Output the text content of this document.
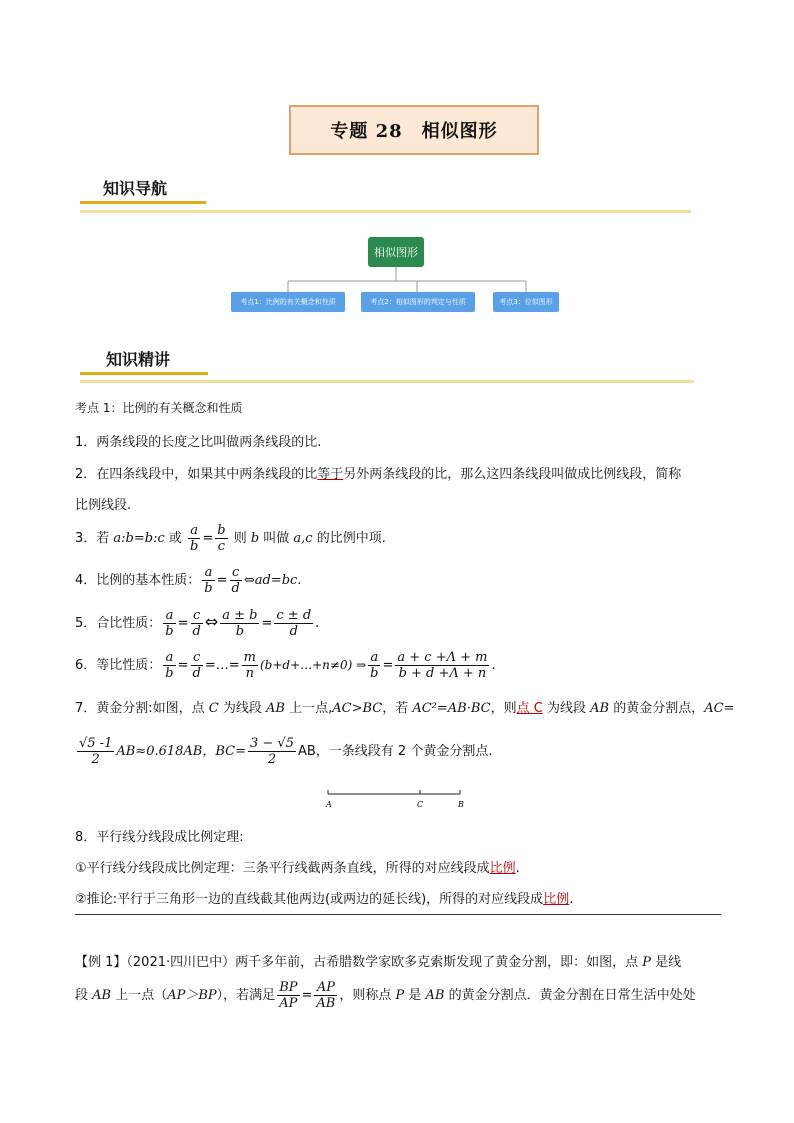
专题 28　相似图形
知识导航
相似图形
考点1：比例的有关概念和性质	考点2：相似图形的判定与性质	考点3：位似图形
知识精讲
考点 1：比例的有关概念和性质
1．两条线段的长度之比叫做两条线段的比.
2．在四条线段中，如果其中两条线段的比等于另外两条线段的比，那么这四条线段叫做成比例线段，简称
比例线段.
3．若 a:b=b:c 或 $\frac{a}{b} = \frac{b}{c}$ 则 b 叫做 a,c 的比例中项.
4．比例的基本性质： $\frac{a}{b} = \frac{c}{d}$ ⇔ad=bc.
5．合比性质： $\frac{a}{b} = \frac{c}{d}$ ⇔ $\frac{a \pm b}{b} = \frac{c \pm d}{d}$ .
6．等比性质： $\frac{a}{b} = \frac{c}{d}$ =…= $\frac{m}{n}$ (b+d+…+n≠0) ⇒ $\frac{a}{b} = \frac{a + c +\Lambda + m}{b + d +\Lambda + n}$ .
7．黄金分割:如图，点 C 为线段 AB 上一点,AC>BC，若 AC²=AB·BC，则点 C 为线段 AB 的黄金分割点，AC=
$\frac{√5 -1}{2} AB\approx 0.618AB$，$BC= \frac{3 - √5}{2}$ AB，一条线段有 2 个黄金分割点.
A	C	B
8．平行线分线段成比例定理:
①平行线分线段成比例定理：三条平行线截两条直线，所得的对应线段成比例.
②推论:平行于三角形一边的直线截其他两边(或两边的延长线)，所得的对应线段成比例.
【例 1】（2021·四川巴中）两千多年前，古希腊数学家欧多克索斯发现了黄金分割，即：如图，点 P 是线
段 AB 上一点（AP＞BP），若满足 $\frac{BP}{AP} = \frac{AP}{AB}$ ，则称点 P 是 AB 的黄金分割点．黄金分割在日常生活中处处
